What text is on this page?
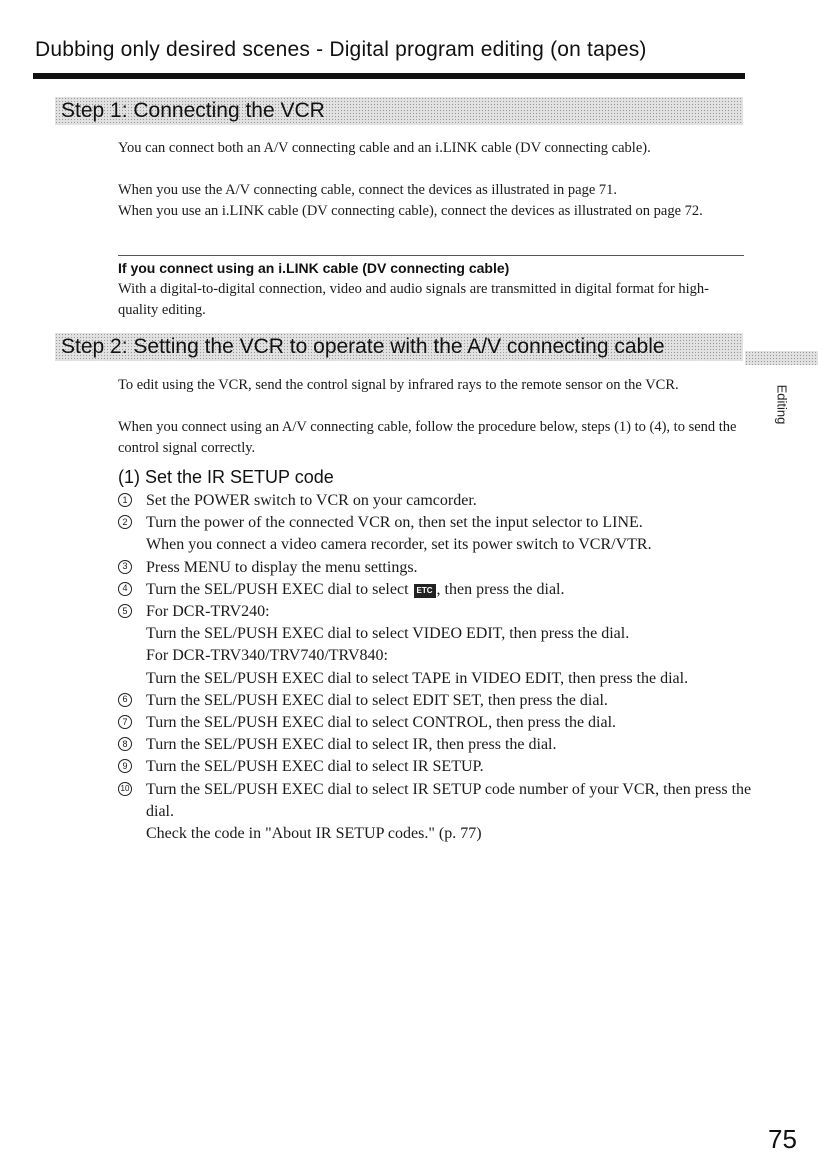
Dubbing only desired scenes - Digital program editing (on tapes)
Step 1: Connecting the VCR

You can connect both an A/V connecting cable and an i.LINK cable (DV connecting cable).

When you use the A/V connecting cable, connect the devices as illustrated in page 71.

When you use an i.LINK cable (DV connecting cable), connect the devices as illustrated on page 72.

If you connect using an i.LINK cable (DV connecting cable)

With a digital-to-digital connection, video and audio signals are transmitted in digital format for high-quality editing.

Step 2: Setting the VCR to operate with the A/V connecting cable
Editing

To edit using the VCR, send the control signal by infrared rays to the remote sensor on the VCR.

When you connect using an A/V connecting cable, follow the procedure below, steps (1) to (4), to send the control signal correctly.

(1) Set the IR SETUP code
1 Set the POWER switch to VCR on your camcorder.
2 Turn the power of the connected VCR on, then set the input selector to LINE.
When you connect a video camera recorder, set its power switch to VCR/VTR.
3 Press MENU to display the menu settings.
4 Turn the SEL/PUSH EXEC dial to select ETC , then press the dial.
5 For DCR-TRV240:
Turn the SEL/PUSH EXEC dial to select VIDEO EDIT, then press the dial.
For DCR-TRV340/TRV740/TRV840:
Turn the SEL/PUSH EXEC dial to select TAPE in VIDEO EDIT, then press the dial.
6 Turn the SEL/PUSH EXEC dial to select EDIT SET, then press the dial.
7 Turn the SEL/PUSH EXEC dial to select CONTROL, then press the dial.
8 Turn the SEL/PUSH EXEC dial to select IR, then press the dial.
9 Turn the SEL/PUSH EXEC dial to select IR SETUP.
10 Turn the SEL/PUSH EXEC dial to select IR SETUP code number of your VCR, then press the dial.
Check the code in "About IR SETUP codes." (p. 77)
75
